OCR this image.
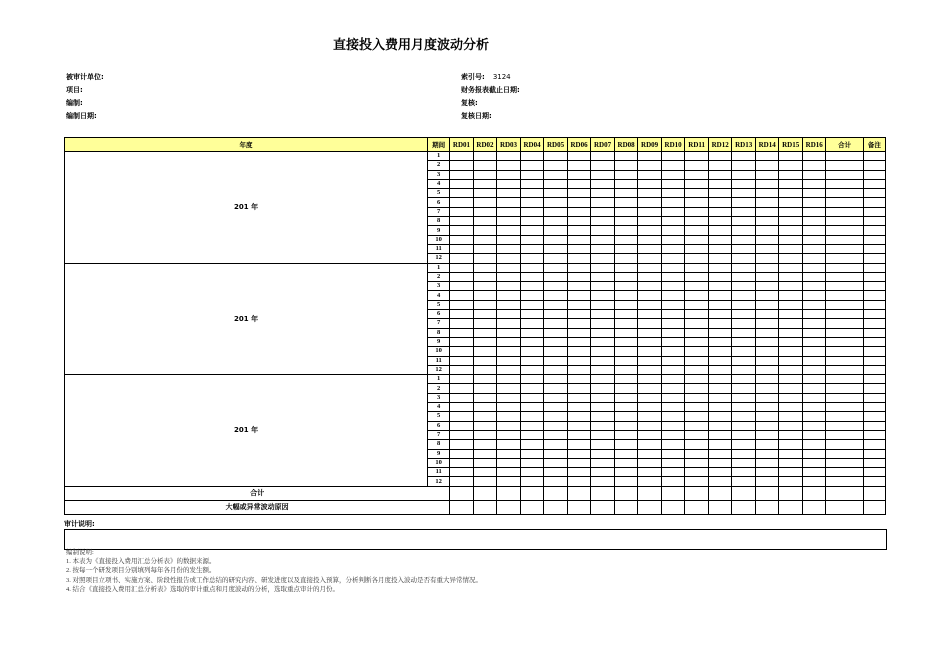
直接投入费用月度波动分析
被审计单位:
项目:
编制:
编制日期:
索引号: 3124
财务报表截止日期:
复核:
复核日期:
年度	期间	RD01	RD02	RD03	RD04	RD05	RD06	RD07	RD08	RD09	RD10	RD11	RD12	RD13	RD14	RD15	RD16	合计	备注
201 年	1																		
	2																		
	3																		
	4																		
	5																		
	6																		
	7																		
	8																		
	9																		
	10																		
	11																		
	12																		
201 年	1																		
	2																		
	3																		
	4																		
	5																		
	6																		
	7																		
	8																		
	9																		
	10																		
	11																		
	12																		
201 年	1																		
	2																		
	3																		
	4																		
	5																		
	6																		
	7																		
	8																		
	9																		
	10																		
	11																		
	12																		
合计																			
大幅或异常波动原因																			
审计说明:
编制说明:
1. 本表为《直接投入费用汇总分析表》的数据来源。
2. 按每一个研发项目分别填列每年各月份的发生额。
3. 对照项目立项书、实施方案、阶段性报告或工作总结的研究内容、研发进度以及直接投入预算，分析判断各月度投入波动是否有重大异常情况。
4. 结合《直接投入费用汇总分析表》选取的审计重点和月度波动的分析，选取重点审计的月份。
